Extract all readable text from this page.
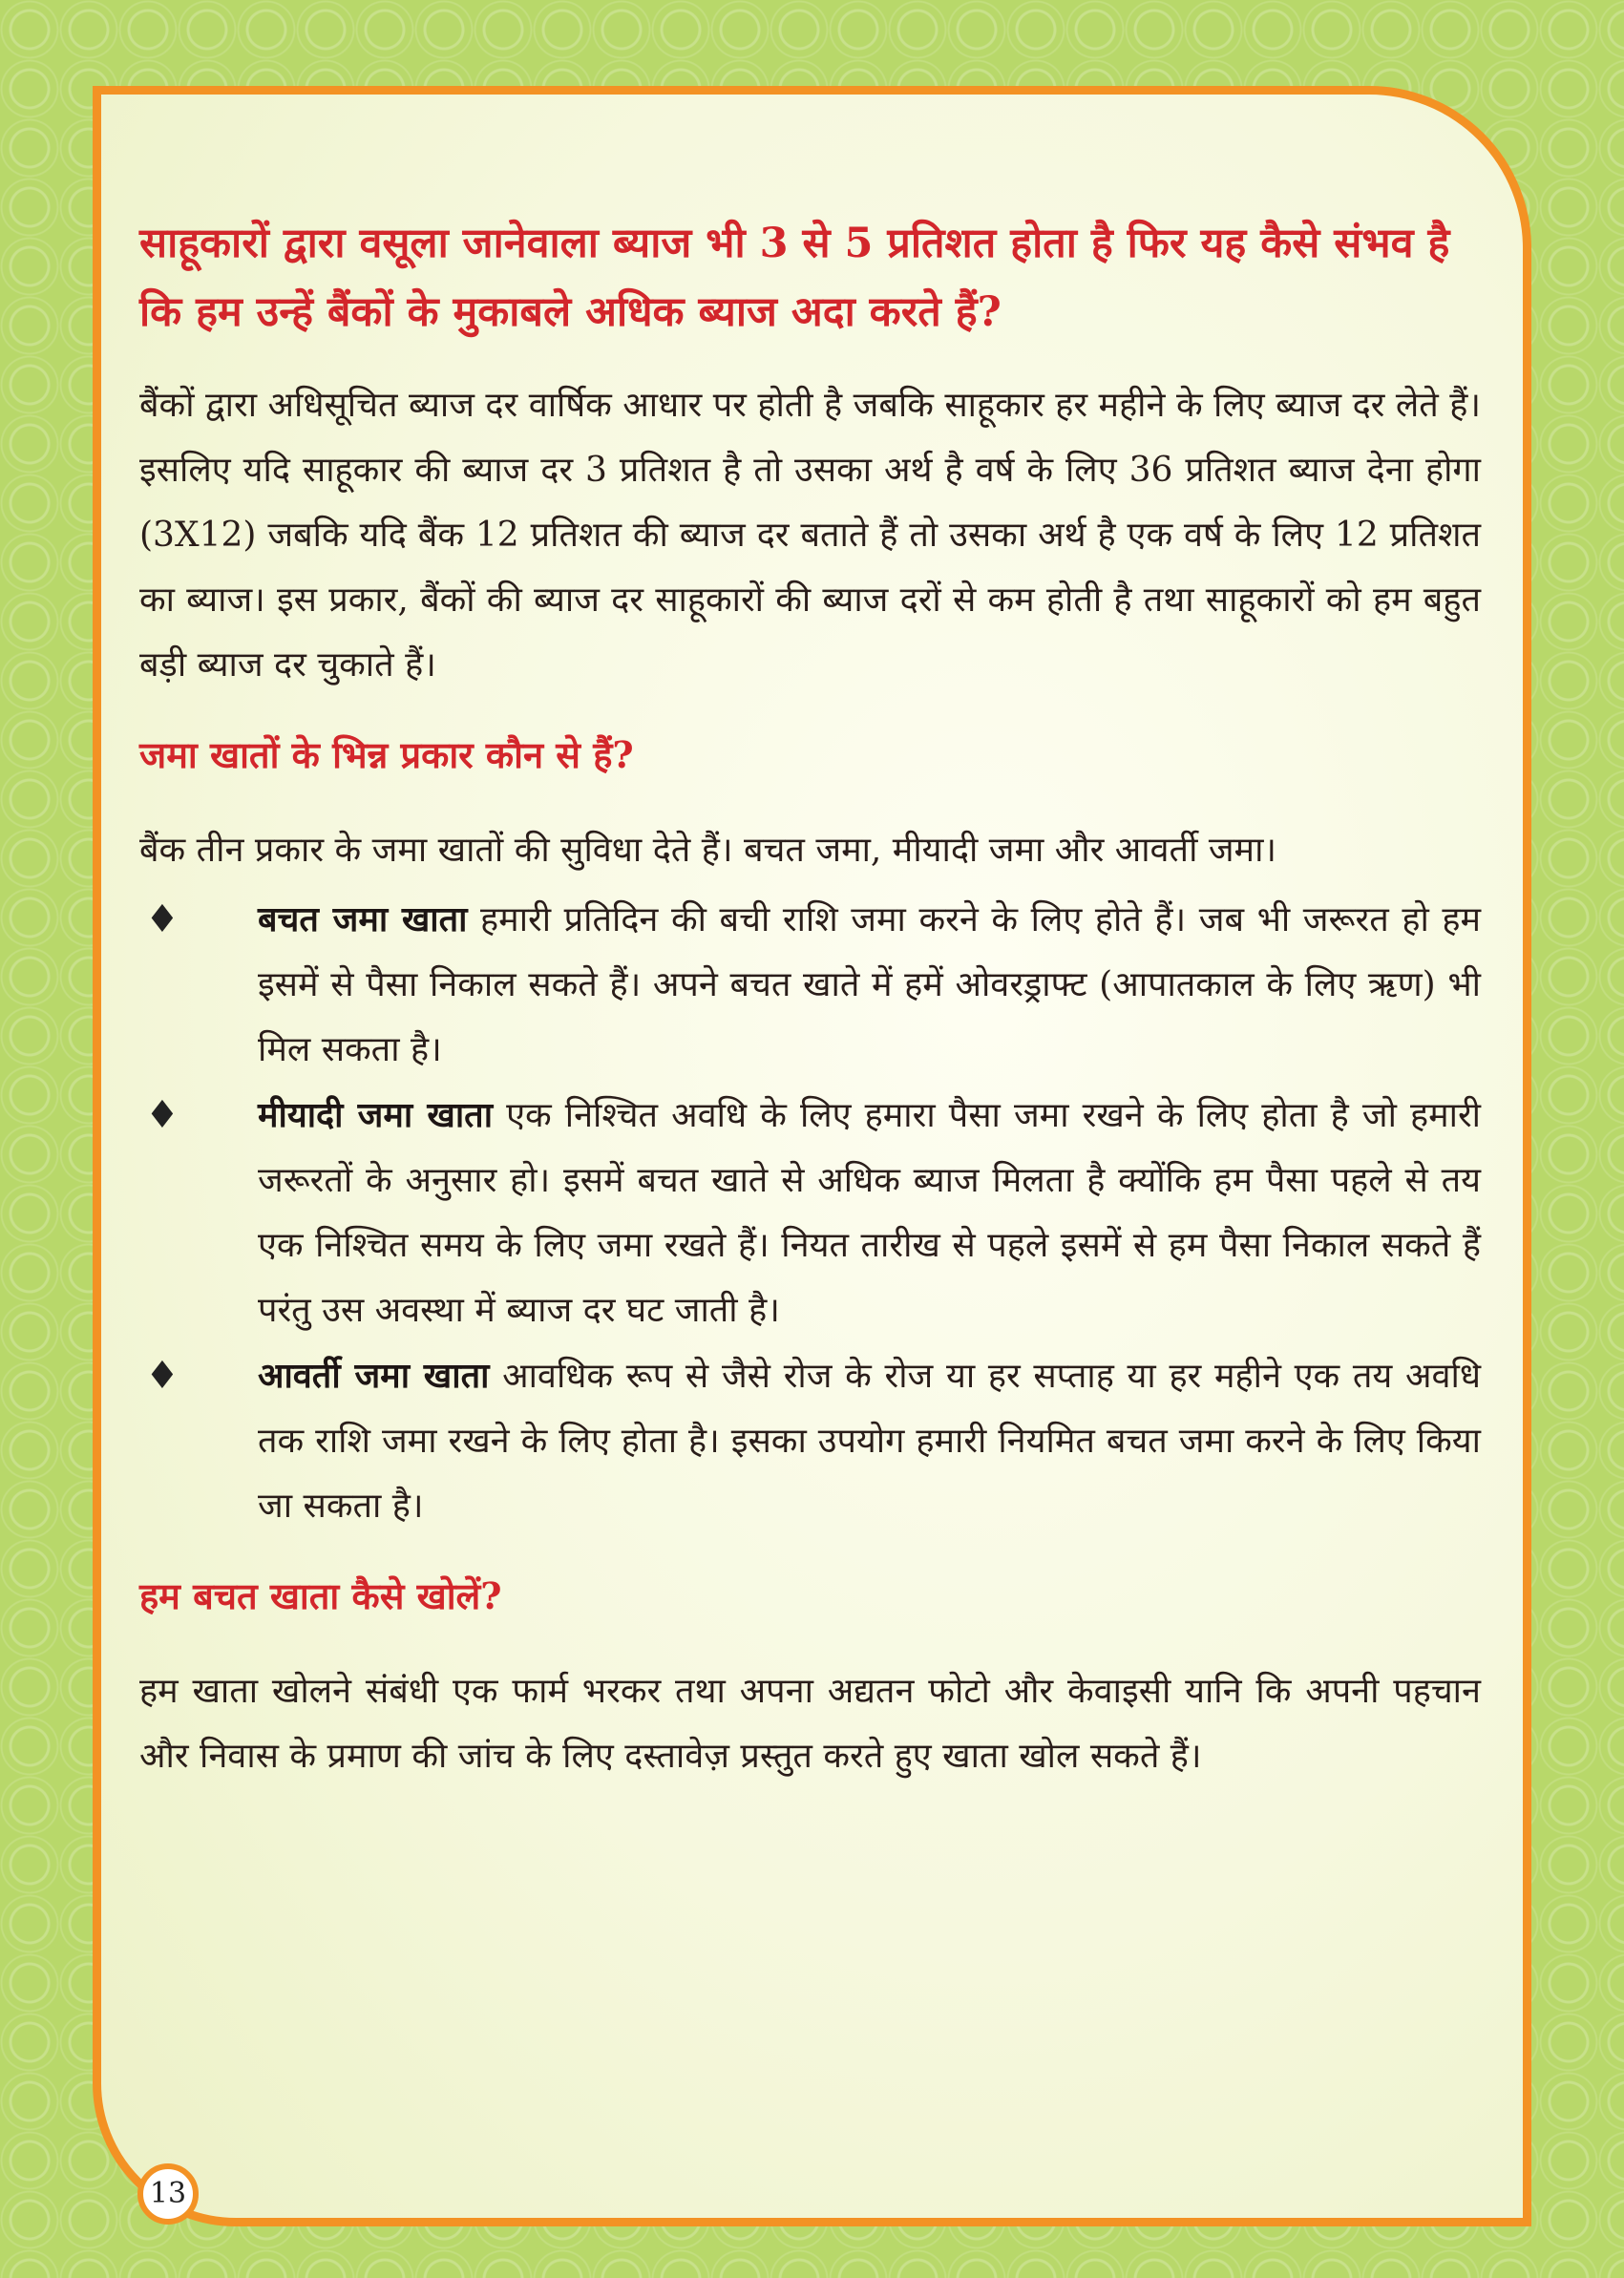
साहूकारों द्वारा वसूला जानेवाला ब्याज भी 3 से 5 प्रतिशत होता है फिर यह कैसे संभव है कि हम उन्हें बैंकों के मुकाबले अधिक ब्याज अदा करते हैं?

बैंकों द्वारा अधिसूचित ब्याज दर वार्षिक आधार पर होती है जबकि साहूकार हर महीने के लिए ब्याज दर लेते हैं। इसलिए यदि साहूकार की ब्याज दर 3 प्रतिशत है तो उसका अर्थ है वर्ष के लिए 36 प्रतिशत ब्याज देना होगा (3X12) जबकि यदि बैंक 12 प्रतिशत की ब्याज दर बताते हैं तो उसका अर्थ है एक वर्ष के लिए 12 प्रतिशत का ब्याज। इस प्रकार, बैंकों की ब्याज दर साहूकारों की ब्याज दरों से कम होती है तथा साहूकारों को हम बहुत बड़ी ब्याज दर चुकाते हैं।

जमा खातों के भिन्न प्रकार कौन से हैं?

बैंक तीन प्रकार के जमा खातों की सुविधा देते हैं। बचत जमा, मीयादी जमा और आवर्ती जमा।

♦	बचत जमा खाता हमारी प्रतिदिन की बची राशि जमा करने के लिए होते हैं। जब भी जरूरत हो हम इसमें से पैसा निकाल सकते हैं। अपने बचत खाते में हमें ओवरड्राफ्ट (आपातकाल के लिए ऋण) भी मिल सकता है।

♦	मीयादी जमा खाता एक निश्चित अवधि के लिए हमारा पैसा जमा रखने के लिए होता है जो हमारी जरूरतों के अनुसार हो। इसमें बचत खाते से अधिक ब्याज मिलता है क्योंकि हम पैसा पहले से तय एक निश्चित समय के लिए जमा रखते हैं। नियत तारीख से पहले इसमें से हम पैसा निकाल सकते हैं परंतु उस अवस्था में ब्याज दर घट जाती है।

♦	आवर्ती जमा खाता आवधिक रूप से जैसे रोज के रोज या हर सप्ताह या हर महीने एक तय अवधि तक राशि जमा रखने के लिए होता है। इसका उपयोग हमारी नियमित बचत जमा करने के लिए किया जा सकता है।

हम बचत खाता कैसे खोलें?

हम खाता खोलने संबंधी एक फार्म भरकर तथा अपना अद्यतन फोटो और केवाइसी यानि कि अपनी पहचान और निवास के प्रमाण की जांच के लिए दस्तावेज़ प्रस्तुत करते हुए खाता खोल सकते हैं।

13
